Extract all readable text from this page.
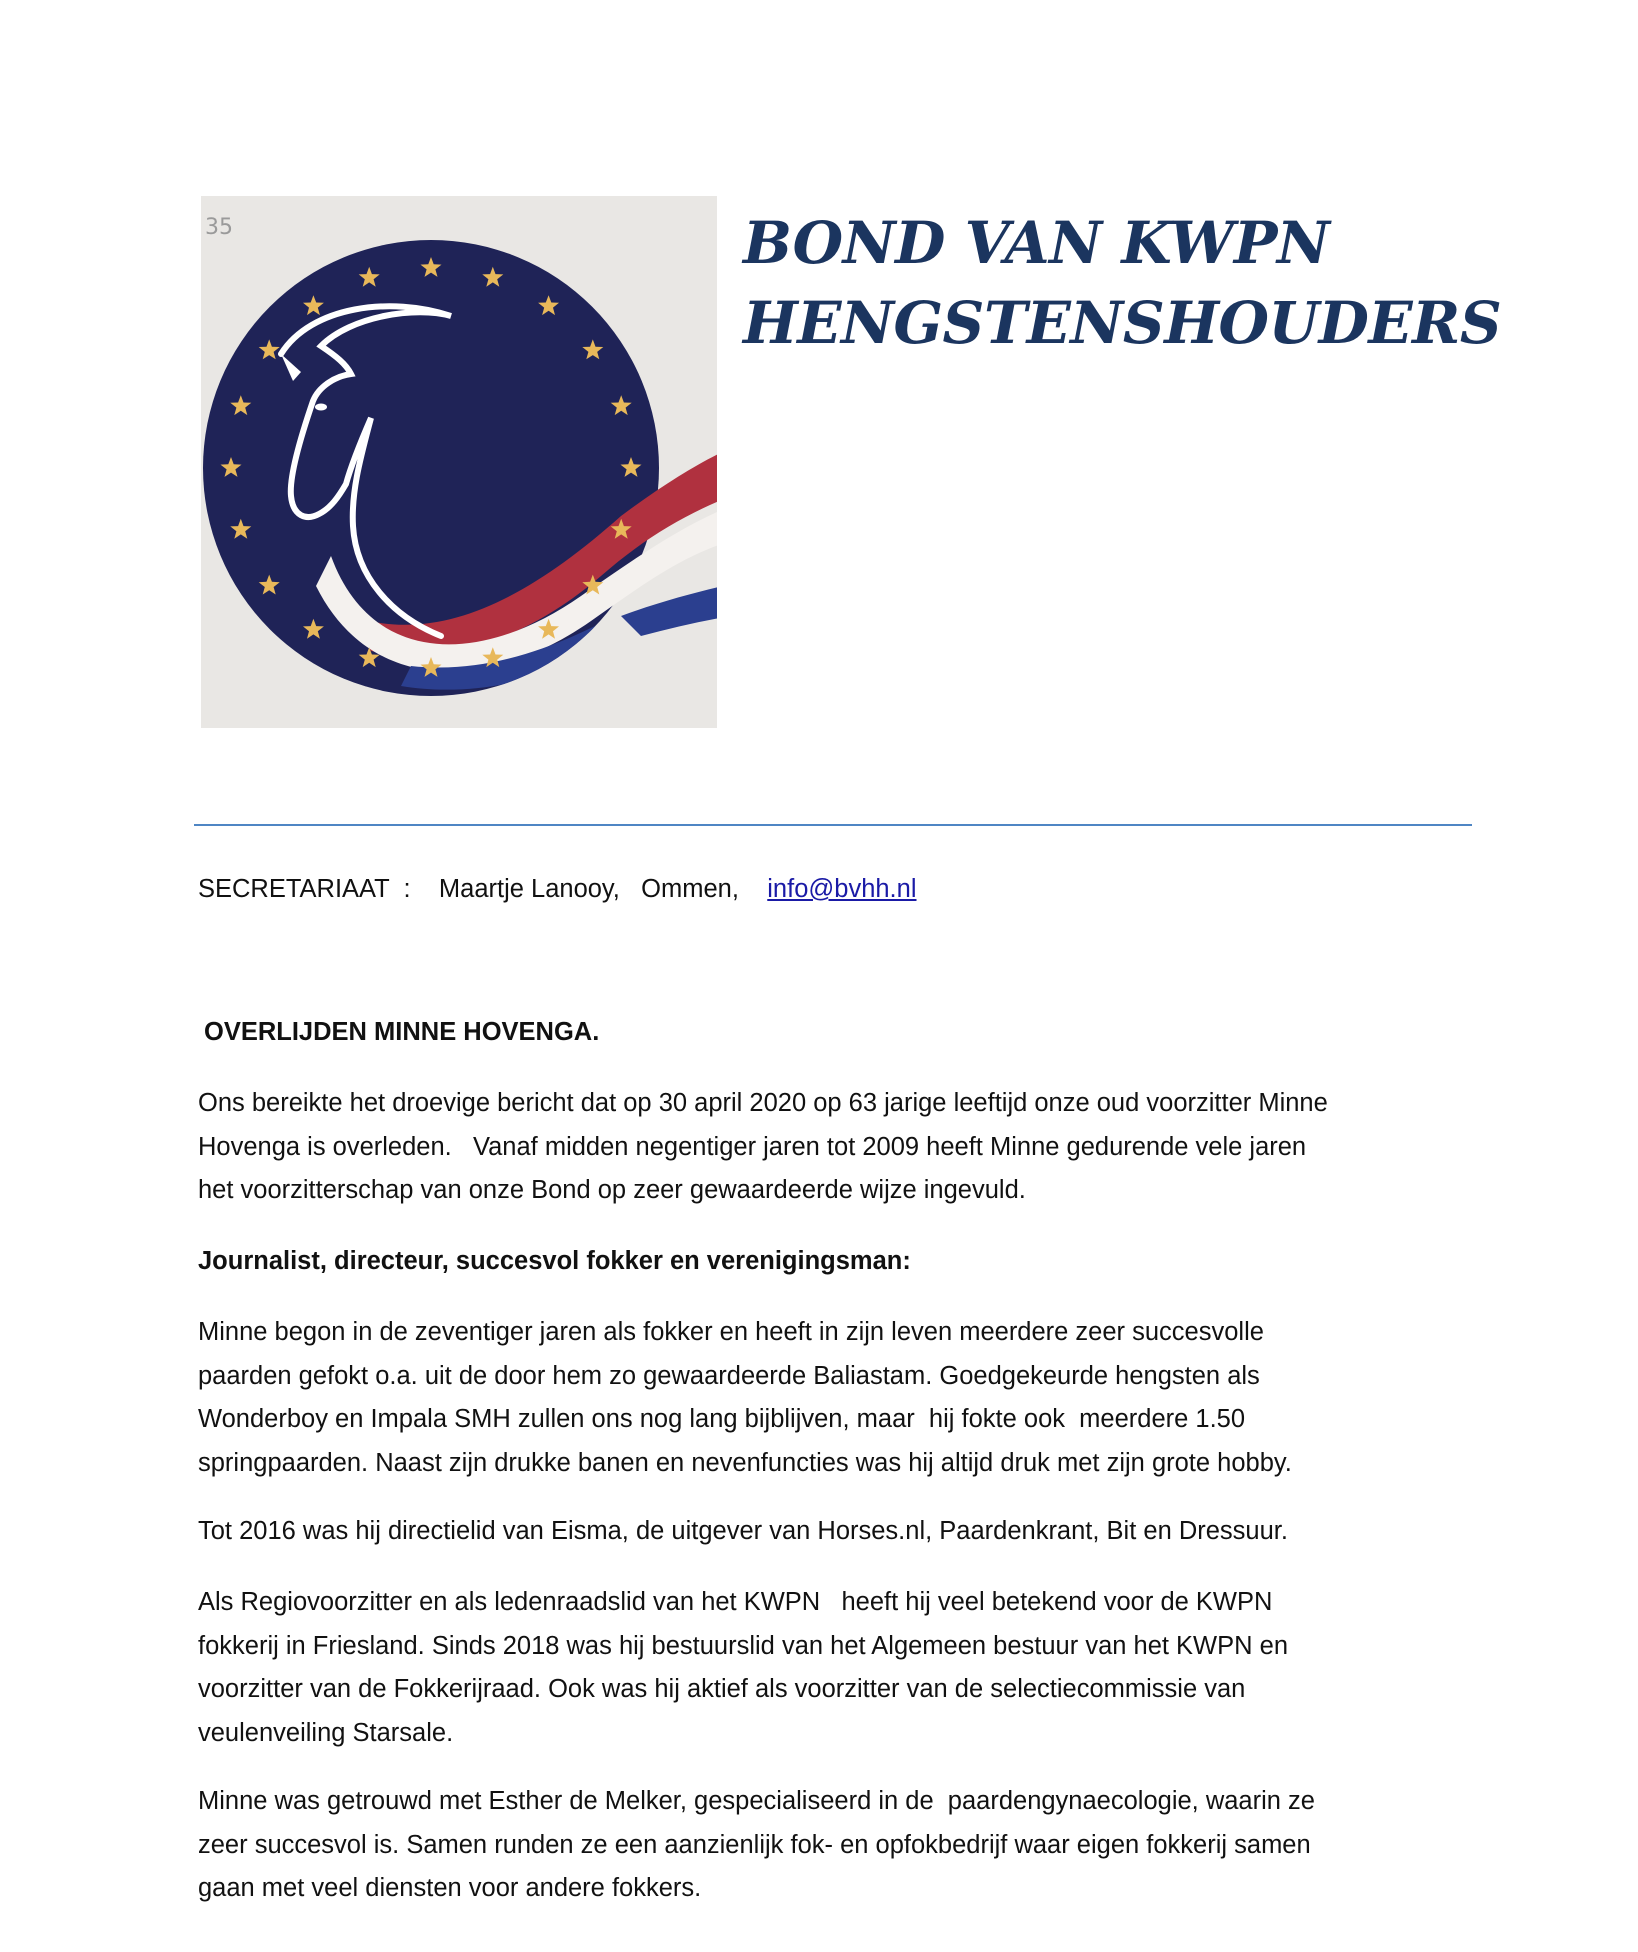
35	BOND VAN KWPN
HENGSTENSHOUDERS

SECRETARIAAT : Maartje Lanooy, Ommen, info@bvhh.nl

OVERLIJDEN MINNE HOVENGA.

Ons bereikte het droevige bericht dat op 30 april 2020 op 63 jarige leeftijd onze oud voorzitter Minne
Hovenga is overleden.   Vanaf midden negentiger jaren tot 2009 heeft Minne gedurende vele jaren
het voorzitterschap van onze Bond op zeer gewaardeerde wijze ingevuld.

Journalist, directeur, succesvol fokker en verenigingsman:

Minne begon in de zeventiger jaren als fokker en heeft in zijn leven meerdere zeer succesvolle
paarden gefokt o.a. uit de door hem zo gewaardeerde Baliastam. Goedgekeurde hengsten als
Wonderboy en Impala SMH zullen ons nog lang bijblijven, maar  hij fokte ook  meerdere 1.50
springpaarden. Naast zijn drukke banen en nevenfuncties was hij altijd druk met zijn grote hobby.

Tot 2016 was hij directielid van Eisma, de uitgever van Horses.nl, Paardenkrant, Bit en Dressuur.

Als Regiovoorzitter en als ledenraadslid van het KWPN   heeft hij veel betekend voor de KWPN
fokkerij in Friesland. Sinds 2018 was hij bestuurslid van het Algemeen bestuur van het KWPN en
voorzitter van de Fokkerijraad. Ook was hij aktief als voorzitter van de selectiecommissie van
veulenveiling Starsale.

Minne was getrouwd met Esther de Melker, gespecialiseerd in de  paardengynaecologie, waarin ze
zeer succesvol is. Samen runden ze een aanzienlijk fok- en opfokbedrijf waar eigen fokkerij samen
gaan met veel diensten voor andere fokkers.
